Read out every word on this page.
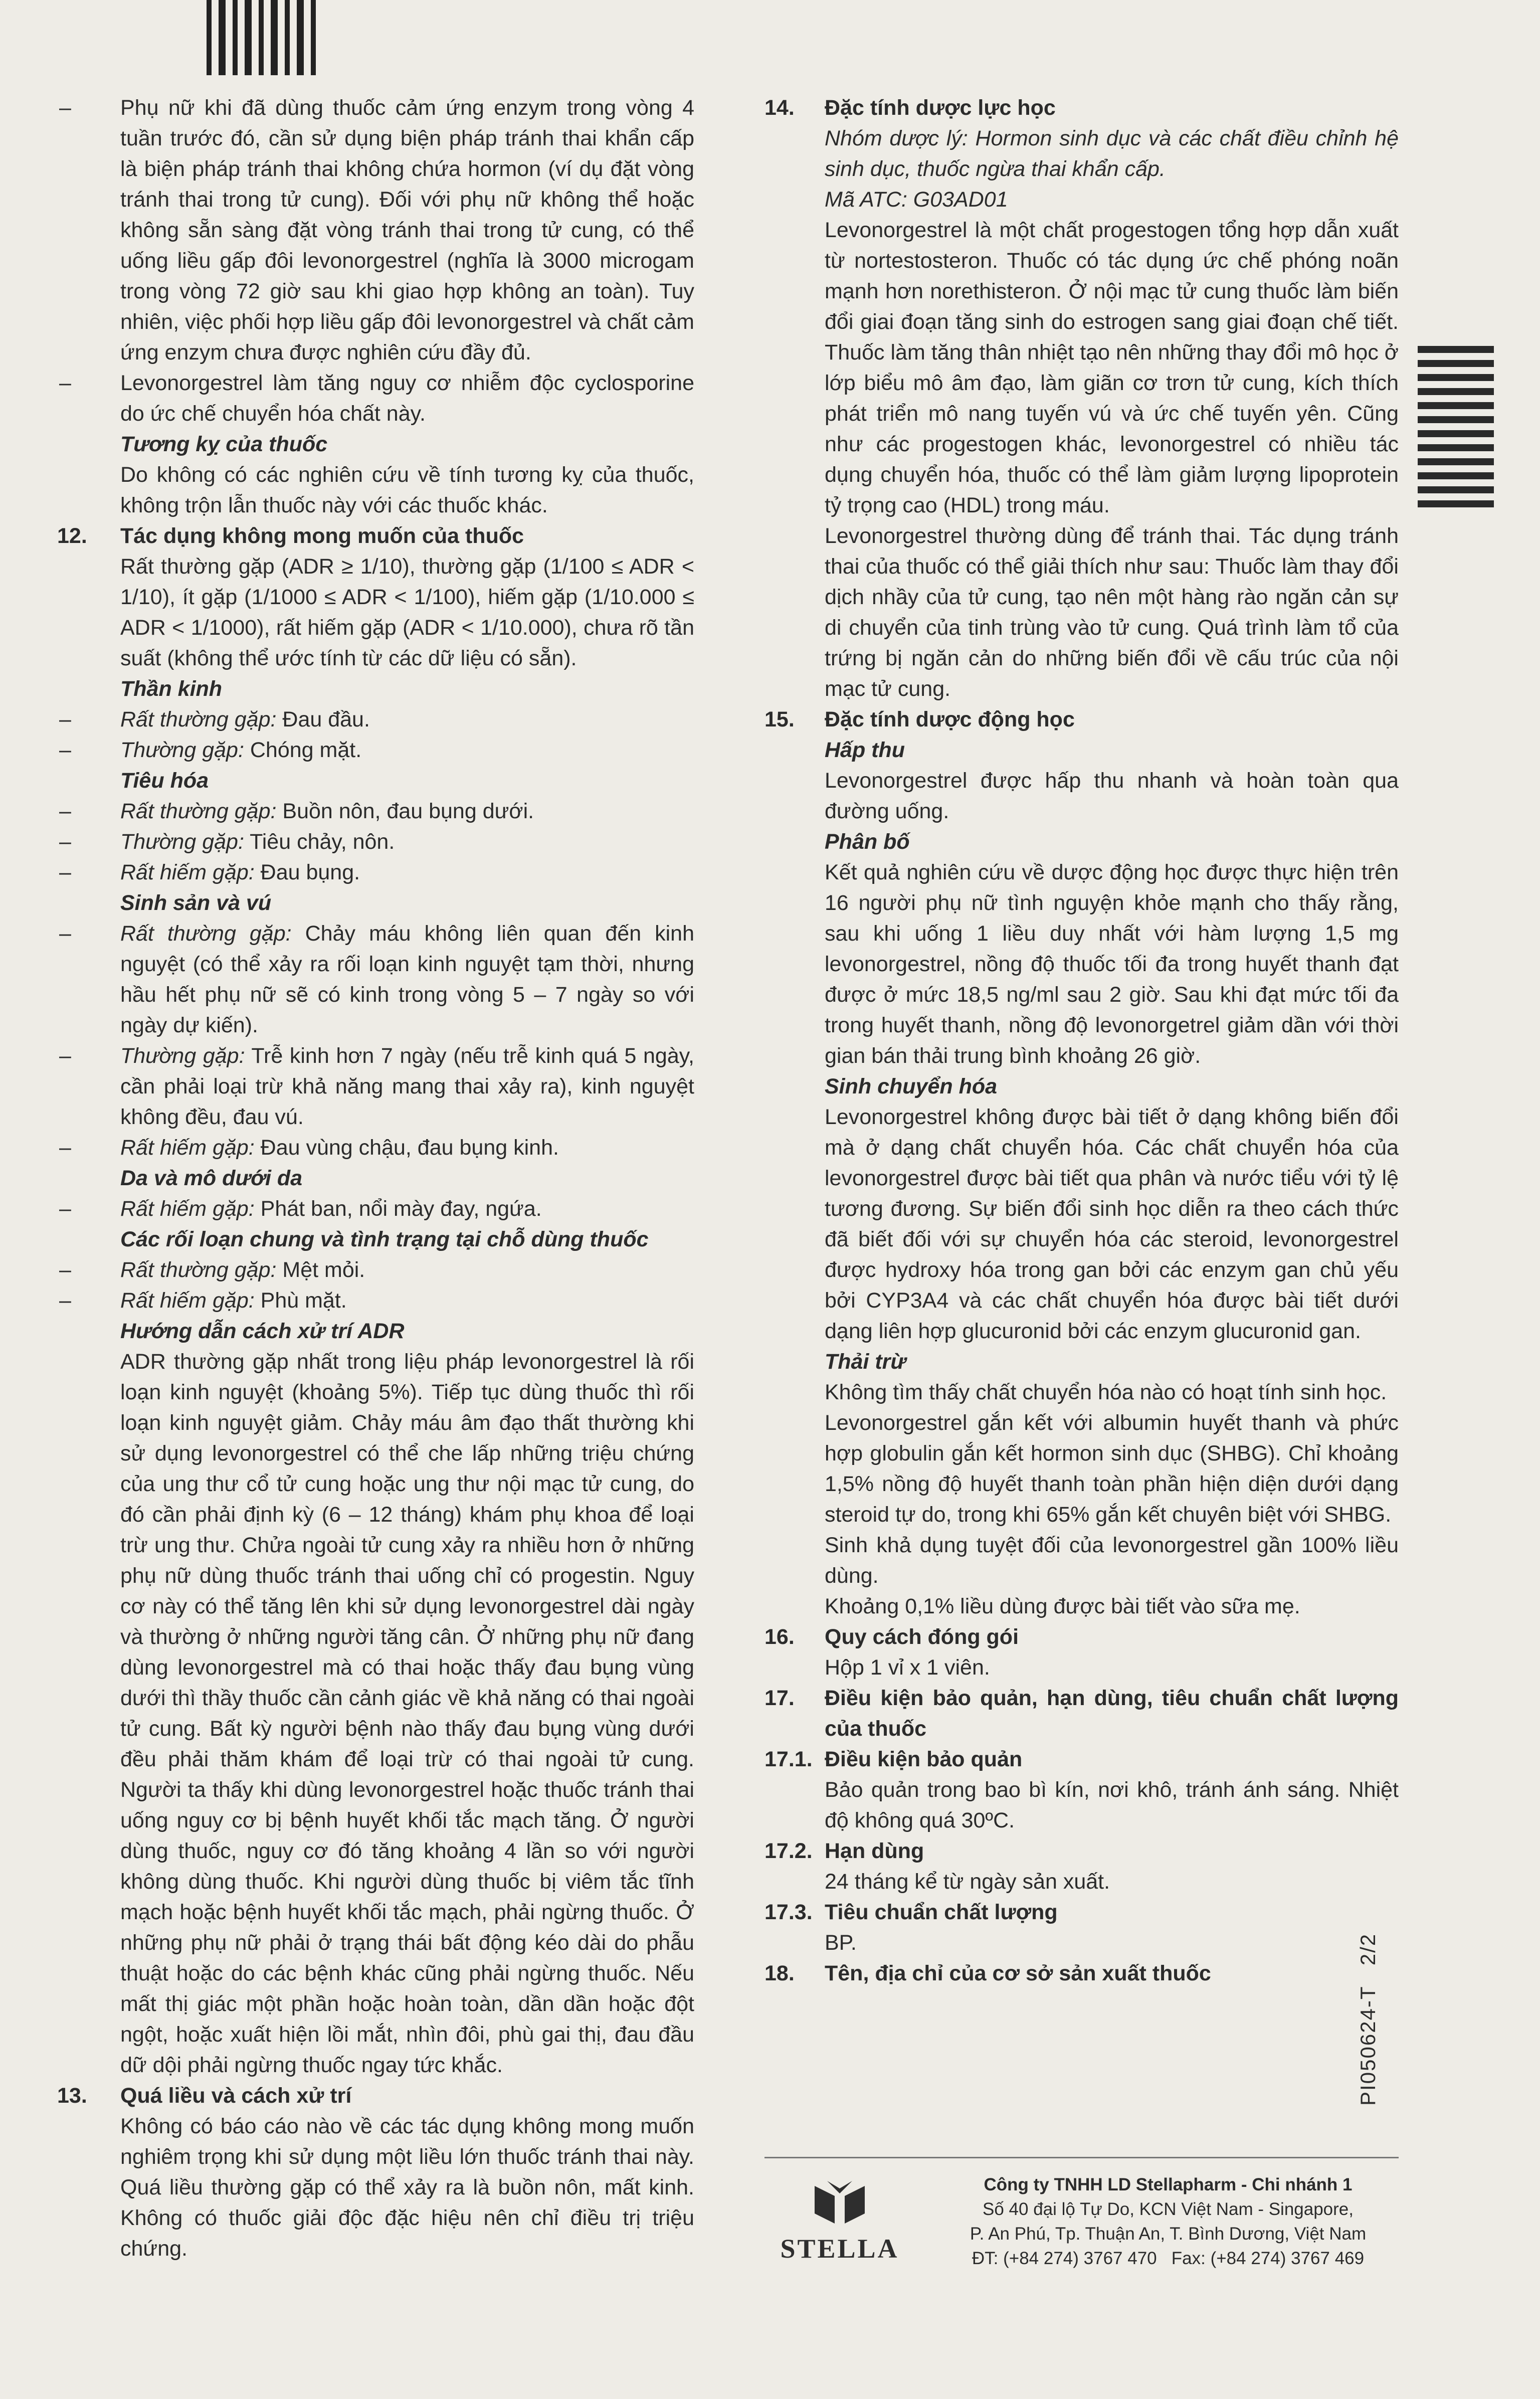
– Phụ nữ khi đã dùng thuốc cảm ứng enzym trong vòng 4 tuần trước đó, cần sử dụng biện pháp tránh thai khẩn cấp là biện pháp tránh thai không chứa hormon (ví dụ đặt vòng tránh thai trong tử cung). Đối với phụ nữ không thể hoặc không sẵn sàng đặt vòng tránh thai trong tử cung, có thể uống liều gấp đôi levonorgestrel (nghĩa là 3000 microgam trong vòng 72 giờ sau khi giao hợp không an toàn). Tuy nhiên, việc phối hợp liều gấp đôi levonorgestrel và chất cảm ứng enzym chưa được nghiên cứu đầy đủ.
– Levonorgestrel làm tăng nguy cơ nhiễm độc cyclosporine do ức chế chuyển hóa chất này.
Tương kỵ của thuốc
Do không có các nghiên cứu về tính tương kỵ của thuốc, không trộn lẫn thuốc này với các thuốc khác.
12. Tác dụng không mong muốn của thuốc
Rất thường gặp (ADR ≥ 1/10), thường gặp (1/100 ≤ ADR < 1/10), ít gặp (1/1000 ≤ ADR < 1/100), hiếm gặp (1/10.000 ≤ ADR < 1/1000), rất hiếm gặp (ADR < 1/10.000), chưa rõ tần suất (không thể ước tính từ các dữ liệu có sẵn).
Thần kinh
– Rất thường gặp: Đau đầu.
– Thường gặp: Chóng mặt.
Tiêu hóa
– Rất thường gặp: Buồn nôn, đau bụng dưới.
– Thường gặp: Tiêu chảy, nôn.
– Rất hiếm gặp: Đau bụng.
Sinh sản và vú
– Rất thường gặp: Chảy máu không liên quan đến kinh nguyệt (có thể xảy ra rối loạn kinh nguyệt tạm thời, nhưng hầu hết phụ nữ sẽ có kinh trong vòng 5 – 7 ngày so với ngày dự kiến).
– Thường gặp: Trễ kinh hơn 7 ngày (nếu trễ kinh quá 5 ngày, cần phải loại trừ khả năng mang thai xảy ra), kinh nguyệt không đều, đau vú.
– Rất hiếm gặp: Đau vùng chậu, đau bụng kinh.
Da và mô dưới da
– Rất hiếm gặp: Phát ban, nổi mày đay, ngứa.
Các rối loạn chung và tình trạng tại chỗ dùng thuốc
– Rất thường gặp: Mệt mỏi.
– Rất hiếm gặp: Phù mặt.
Hướng dẫn cách xử trí ADR
ADR thường gặp nhất trong liệu pháp levonorgestrel là rối loạn kinh nguyệt (khoảng 5%). Tiếp tục dùng thuốc thì rối loạn kinh nguyệt giảm. Chảy máu âm đạo thất thường khi sử dụng levonorgestrel có thể che lấp những triệu chứng của ung thư cổ tử cung hoặc ung thư nội mạc tử cung, do đó cần phải định kỳ (6 – 12 tháng) khám phụ khoa để loại trừ ung thư. Chửa ngoài tử cung xảy ra nhiều hơn ở những phụ nữ dùng thuốc tránh thai uống chỉ có progestin. Nguy cơ này có thể tăng lên khi sử dụng levonorgestrel dài ngày và thường ở những người tăng cân. Ở những phụ nữ đang dùng levonorgestrel mà có thai hoặc thấy đau bụng vùng dưới thì thầy thuốc cần cảnh giác về khả năng có thai ngoài tử cung. Bất kỳ người bệnh nào thấy đau bụng vùng dưới đều phải thăm khám để loại trừ có thai ngoài tử cung. Người ta thấy khi dùng levonorgestrel hoặc thuốc tránh thai uống nguy cơ bị bệnh huyết khối tắc mạch tăng. Ở người dùng thuốc, nguy cơ đó tăng khoảng 4 lần so với người không dùng thuốc. Khi người dùng thuốc bị viêm tắc tĩnh mạch hoặc bệnh huyết khối tắc mạch, phải ngừng thuốc. Ở những phụ nữ phải ở trạng thái bất động kéo dài do phẫu thuật hoặc do các bệnh khác cũng phải ngừng thuốc. Nếu mất thị giác một phần hoặc hoàn toàn, dần dần hoặc đột ngột, hoặc xuất hiện lồi mắt, nhìn đôi, phù gai thị, đau đầu dữ dội phải ngừng thuốc ngay tức khắc.
13. Quá liều và cách xử trí
Không có báo cáo nào về các tác dụng không mong muốn nghiêm trọng khi sử dụng một liều lớn thuốc tránh thai này. Quá liều thường gặp có thể xảy ra là buồn nôn, mất kinh. Không có thuốc giải độc đặc hiệu nên chỉ điều trị triệu chứng.
14. Đặc tính dược lực học
Nhóm dược lý: Hormon sinh dục và các chất điều chỉnh hệ sinh dục, thuốc ngừa thai khẩn cấp.
Mã ATC: G03AD01
Levonorgestrel là một chất progestogen tổng hợp dẫn xuất từ nortestosteron. Thuốc có tác dụng ức chế phóng noãn mạnh hơn norethisteron. Ở nội mạc tử cung thuốc làm biến đổi giai đoạn tăng sinh do estrogen sang giai đoạn chế tiết. Thuốc làm tăng thân nhiệt tạo nên những thay đổi mô học ở lớp biểu mô âm đạo, làm giãn cơ trơn tử cung, kích thích phát triển mô nang tuyến vú và ức chế tuyến yên. Cũng như các progestogen khác, levonorgestrel có nhiều tác dụng chuyển hóa, thuốc có thể làm giảm lượng lipoprotein tỷ trọng cao (HDL) trong máu.
Levonorgestrel thường dùng để tránh thai. Tác dụng tránh thai của thuốc có thể giải thích như sau: Thuốc làm thay đổi dịch nhầy của tử cung, tạo nên một hàng rào ngăn cản sự di chuyển của tinh trùng vào tử cung. Quá trình làm tổ của trứng bị ngăn cản do những biến đổi về cấu trúc của nội mạc tử cung.
15. Đặc tính dược động học
Hấp thu
Levonorgestrel được hấp thu nhanh và hoàn toàn qua đường uống.
Phân bố
Kết quả nghiên cứu về dược động học được thực hiện trên 16 người phụ nữ tình nguyện khỏe mạnh cho thấy rằng, sau khi uống 1 liều duy nhất với hàm lượng 1,5 mg levonorgestrel, nồng độ thuốc tối đa trong huyết thanh đạt được ở mức 18,5 ng/ml sau 2 giờ. Sau khi đạt mức tối đa trong huyết thanh, nồng độ levonorgetrel giảm dần với thời gian bán thải trung bình khoảng 26 giờ.
Sinh chuyển hóa
Levonorgestrel không được bài tiết ở dạng không biến đổi mà ở dạng chất chuyển hóa. Các chất chuyển hóa của levonorgestrel được bài tiết qua phân và nước tiểu với tỷ lệ tương đương. Sự biến đổi sinh học diễn ra theo cách thức đã biết đối với sự chuyển hóa các steroid, levonorgestrel được hydroxy hóa trong gan bởi các enzym gan chủ yếu bởi CYP3A4 và các chất chuyển hóa được bài tiết dưới dạng liên hợp glucuronid bởi các enzym glucuronid gan.
Thải trừ
Không tìm thấy chất chuyển hóa nào có hoạt tính sinh học.
Levonorgestrel gắn kết với albumin huyết thanh và phức hợp globulin gắn kết hormon sinh dục (SHBG). Chỉ khoảng 1,5% nồng độ huyết thanh toàn phần hiện diện dưới dạng steroid tự do, trong khi 65% gắn kết chuyên biệt với SHBG.
Sinh khả dụng tuyệt đối của levonorgestrel gần 100% liều dùng.
Khoảng 0,1% liều dùng được bài tiết vào sữa mẹ.
16. Quy cách đóng gói
Hộp 1 vỉ x 1 viên.
17. Điều kiện bảo quản, hạn dùng, tiêu chuẩn chất lượng của thuốc
17.1. Điều kiện bảo quản
Bảo quản trong bao bì kín, nơi khô, tránh ánh sáng. Nhiệt độ không quá 30ºC.
17.2. Hạn dùng
24 tháng kể từ ngày sản xuất.
17.3. Tiêu chuẩn chất lượng
BP.
18. Tên, địa chỉ của cơ sở sản xuất thuốc
STELLA
Công ty TNHH LD Stellapharm - Chi nhánh 1
Số 40 đại lộ Tự Do, KCN Việt Nam - Singapore,
P. An Phú, Tp. Thuận An, T. Bình Dương, Việt Nam
ĐT: (+84 274) 3767 470   Fax: (+84 274) 3767 469
PI050624-T   2/2
